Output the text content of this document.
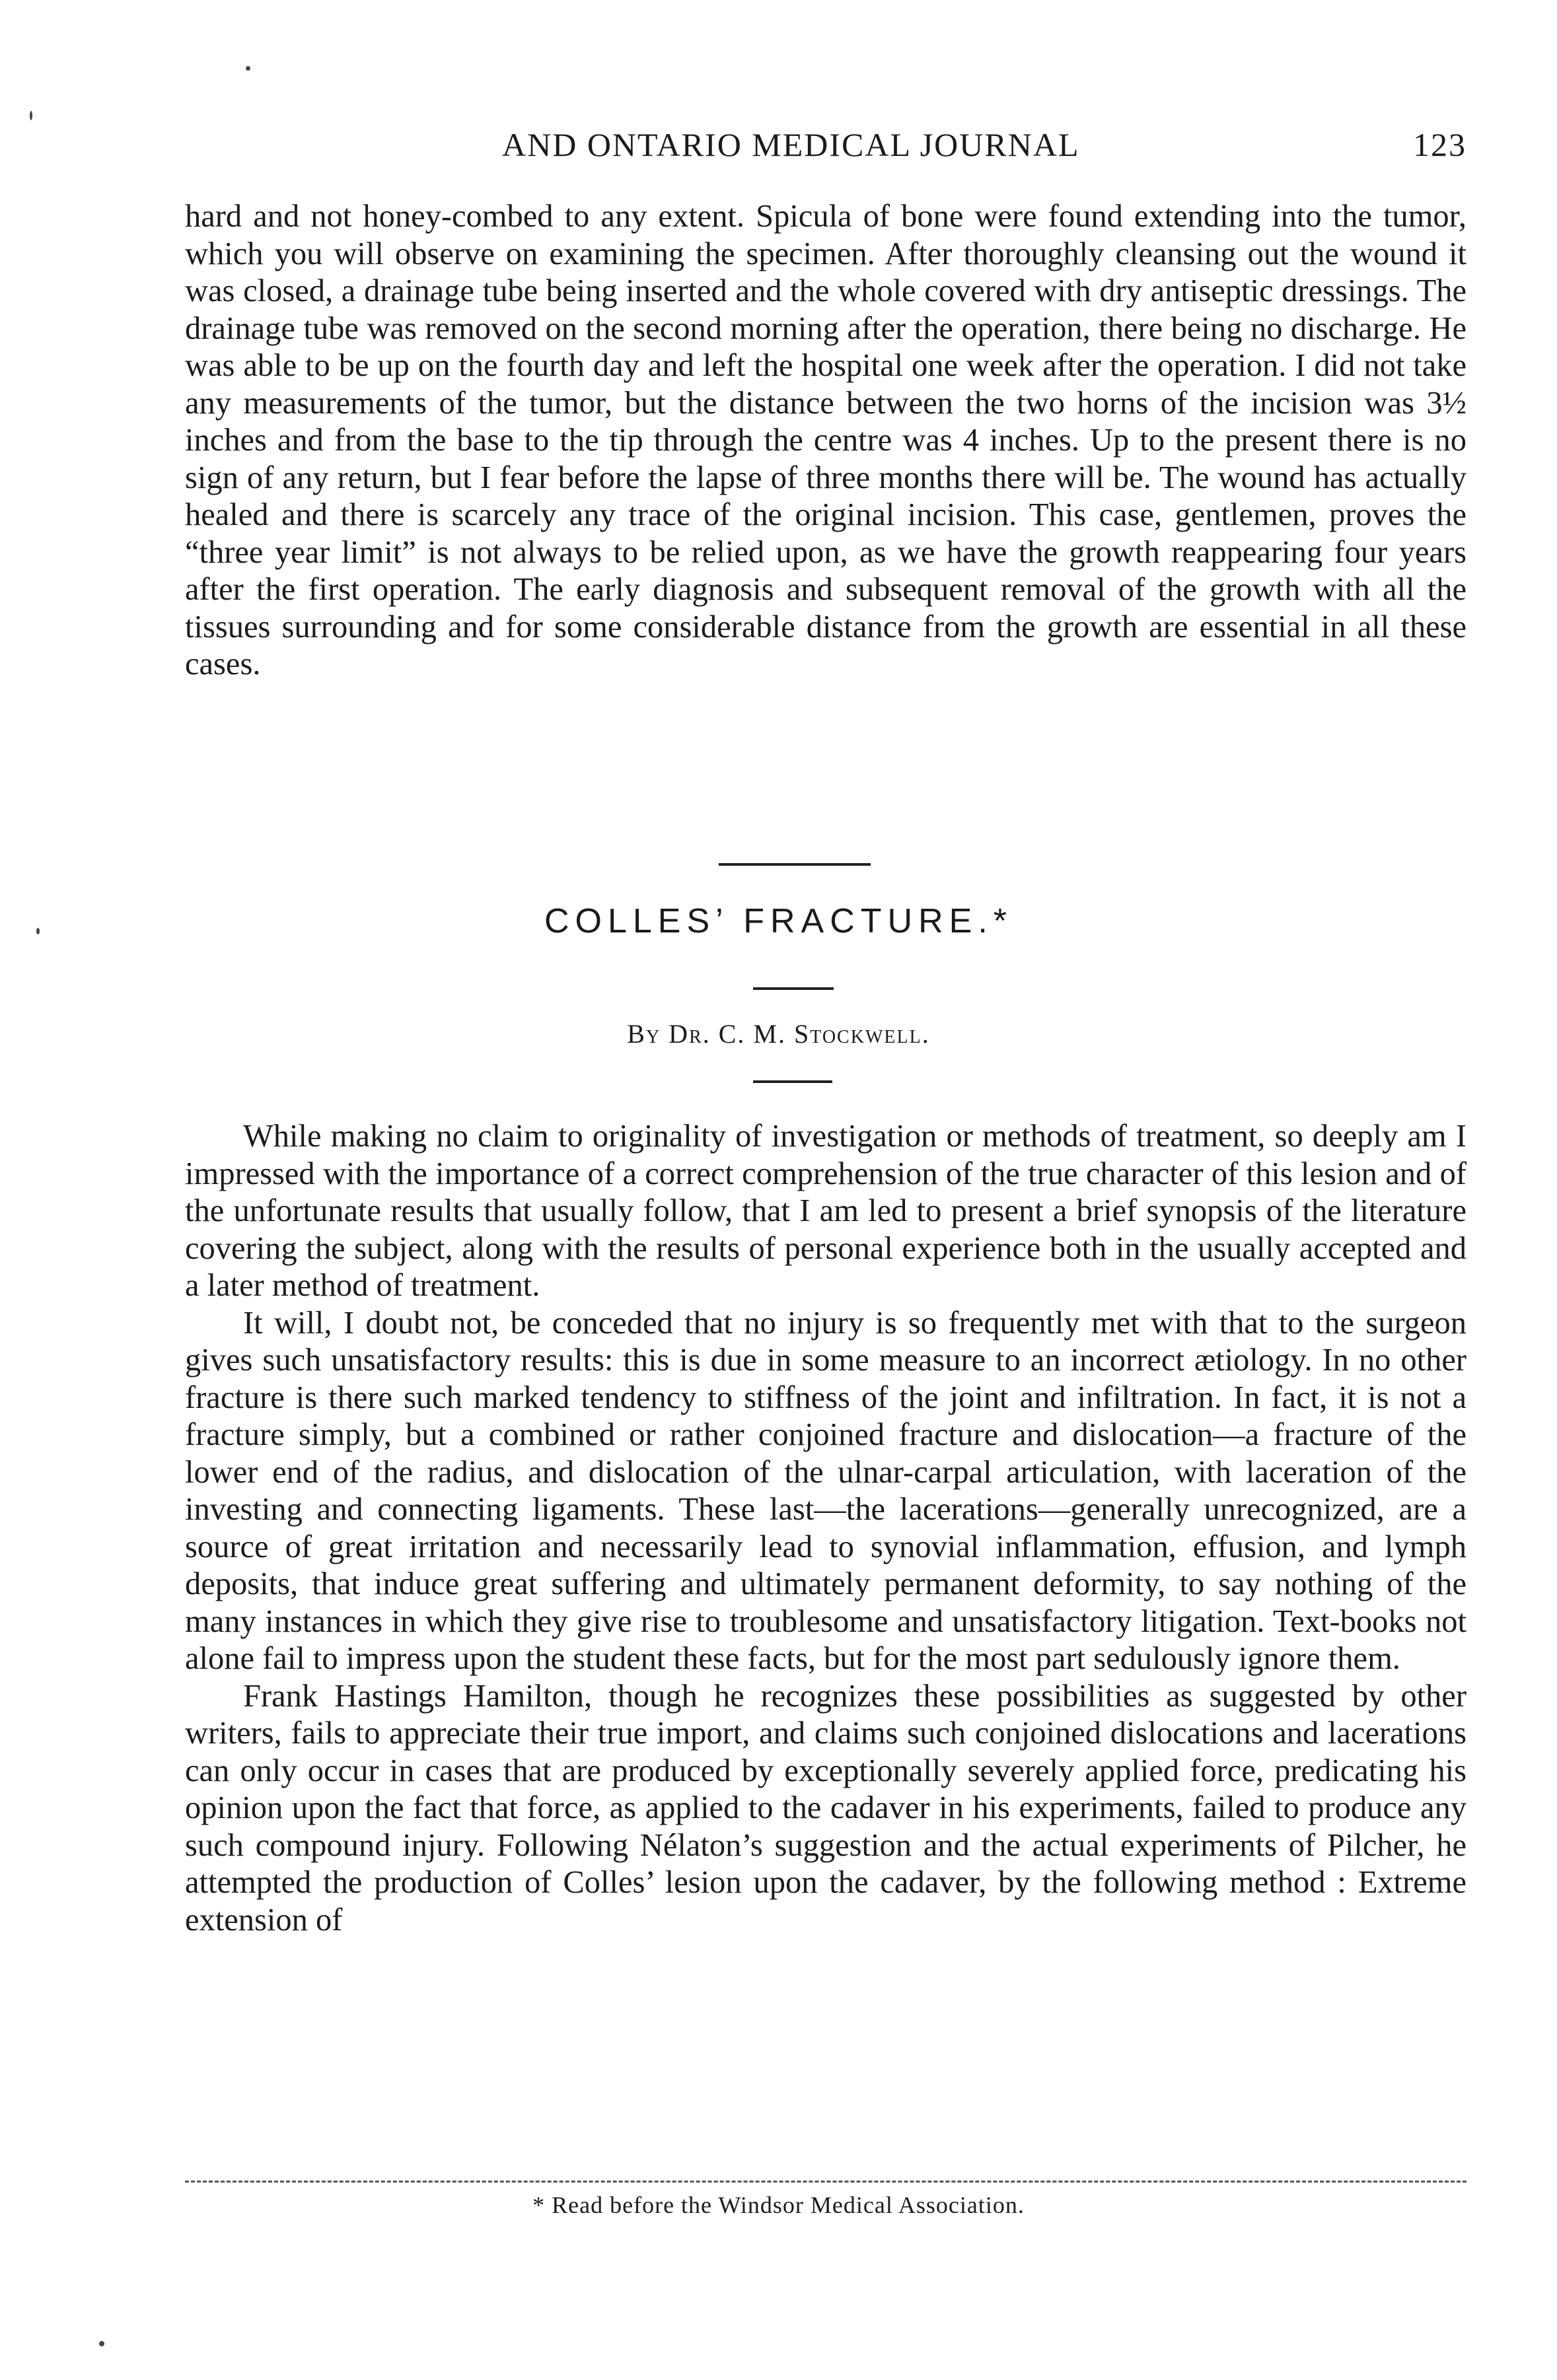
AND ONTARIO MEDICAL JOURNAL	123

hard and not honey-combed to any extent. Spicula of bone were found extending into the tumor, which you will observe on examining the specimen. After thoroughly cleansing out the wound it was closed, a drainage tube being inserted and the whole covered with dry antiseptic dressings. The drainage tube was removed on the second morning after the operation, there being no discharge. He was able to be up on the fourth day and left the hospital one week after the operation. I did not take any measurements of the tumor, but the distance between the two horns of the incision was 3½ inches and from the base to the tip through the centre was 4 inches. Up to the present there is no sign of any return, but I fear before the lapse of three months there will be. The wound has actually healed and there is scarcely any trace of the original incision. This case, gentlemen, proves the “three year limit” is not always to be relied upon, as we have the growth reappearing four years after the first operation. The early diagnosis and subsequent removal of the growth with all the tissues surrounding and for some considerable distance from the growth are essential in all these cases.

COLLES’ FRACTURE.*
By Dr. C. M. Stockwell.

While making no claim to originality of investigation or methods of treatment, so deeply am I impressed with the importance of a correct comprehension of the true character of this lesion and of the unfortunate results that usually follow, that I am led to present a brief synopsis of the literature covering the subject, along with the results of personal experience both in the usually accepted and a later method of treatment.

It will, I doubt not, be conceded that no injury is so frequently met with that to the surgeon gives such unsatisfactory results: this is due in some measure to an incorrect ætiology. In no other fracture is there such marked tendency to stiffness of the joint and infiltration. In fact, it is not a fracture simply, but a combined or rather conjoined fracture and dislocation—a fracture of the lower end of the radius, and dislocation of the ulnar-carpal articulation, with laceration of the investing and connecting ligaments. These last—the lacerations—generally unrecognized, are a source of great irritation and necessarily lead to synovial inflammation, effusion, and lymph deposits, that induce great suffering and ultimately permanent deformity, to say nothing of the many instances in which they give rise to troublesome and unsatisfactory litigation. Text-books not alone fail to impress upon the student these facts, but for the most part sedulously ignore them.

Frank Hastings Hamilton, though he recognizes these possibilities as suggested by other writers, fails to appreciate their true import, and claims such conjoined dislocations and lacerations can only occur in cases that are produced by exceptionally severely applied force, predicating his opinion upon the fact that force, as applied to the cadaver in his experiments, failed to produce any such compound injury. Following Nélaton’s suggestion and the actual experiments of Pilcher, he attempted the production of Colles’ lesion upon the cadaver, by the following method : Extreme extension of

* Read before the Windsor Medical Association.
